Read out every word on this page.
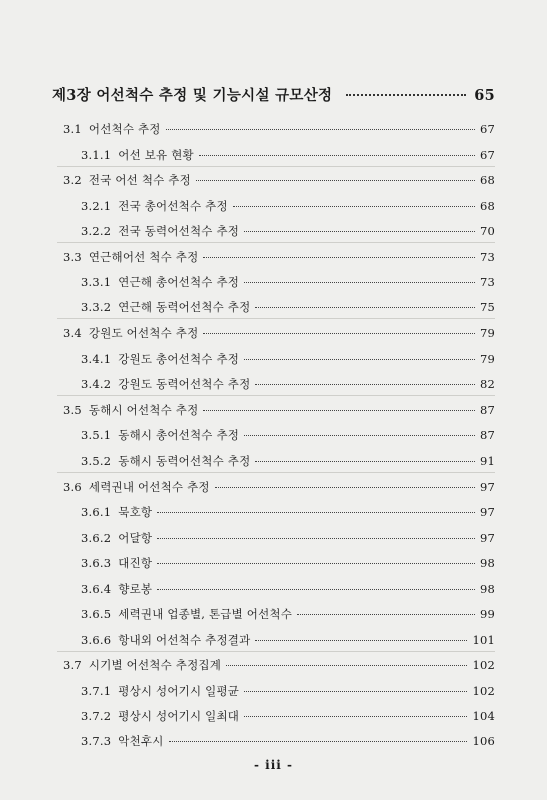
제3장 어선척수 추정 및 기능시설 규모산정	65
3.1 어선척수 추정	67
3.1.1 어선 보유 현황	67
3.2 전국 어선 척수 추정	68
3.2.1 전국 총어선척수 추정	68
3.2.2 전국 동력어선척수 추정	70
3.3 연근해어선 척수 추정	73
3.3.1 연근해 총어선척수 추정	73
3.3.2 연근해 동력어선척수 추정	75
3.4 강원도 어선척수 추정	79
3.4.1 강원도 총어선척수 추정	79
3.4.2 강원도 동력어선척수 추정	82
3.5 동해시 어선척수 추정	87
3.5.1 동해시 총어선척수 추정	87
3.5.2 동해시 동력어선척수 추정	91
3.6 세력권내 어선척수 추정	97
3.6.1 묵호항	97
3.6.2 어달항	97
3.6.3 대진항	98
3.6.4 향로봉	98
3.6.5 세력권내 업종별, 톤급별 어선척수	99
3.6.6 항내외 어선척수 추정결과	101
3.7 시기별 어선척수 추정집계	102
3.7.1 평상시 성어기시 일평균	102
3.7.2 평상시 성어기시 일최대	104
3.7.3 악천후시	106
- iii -
